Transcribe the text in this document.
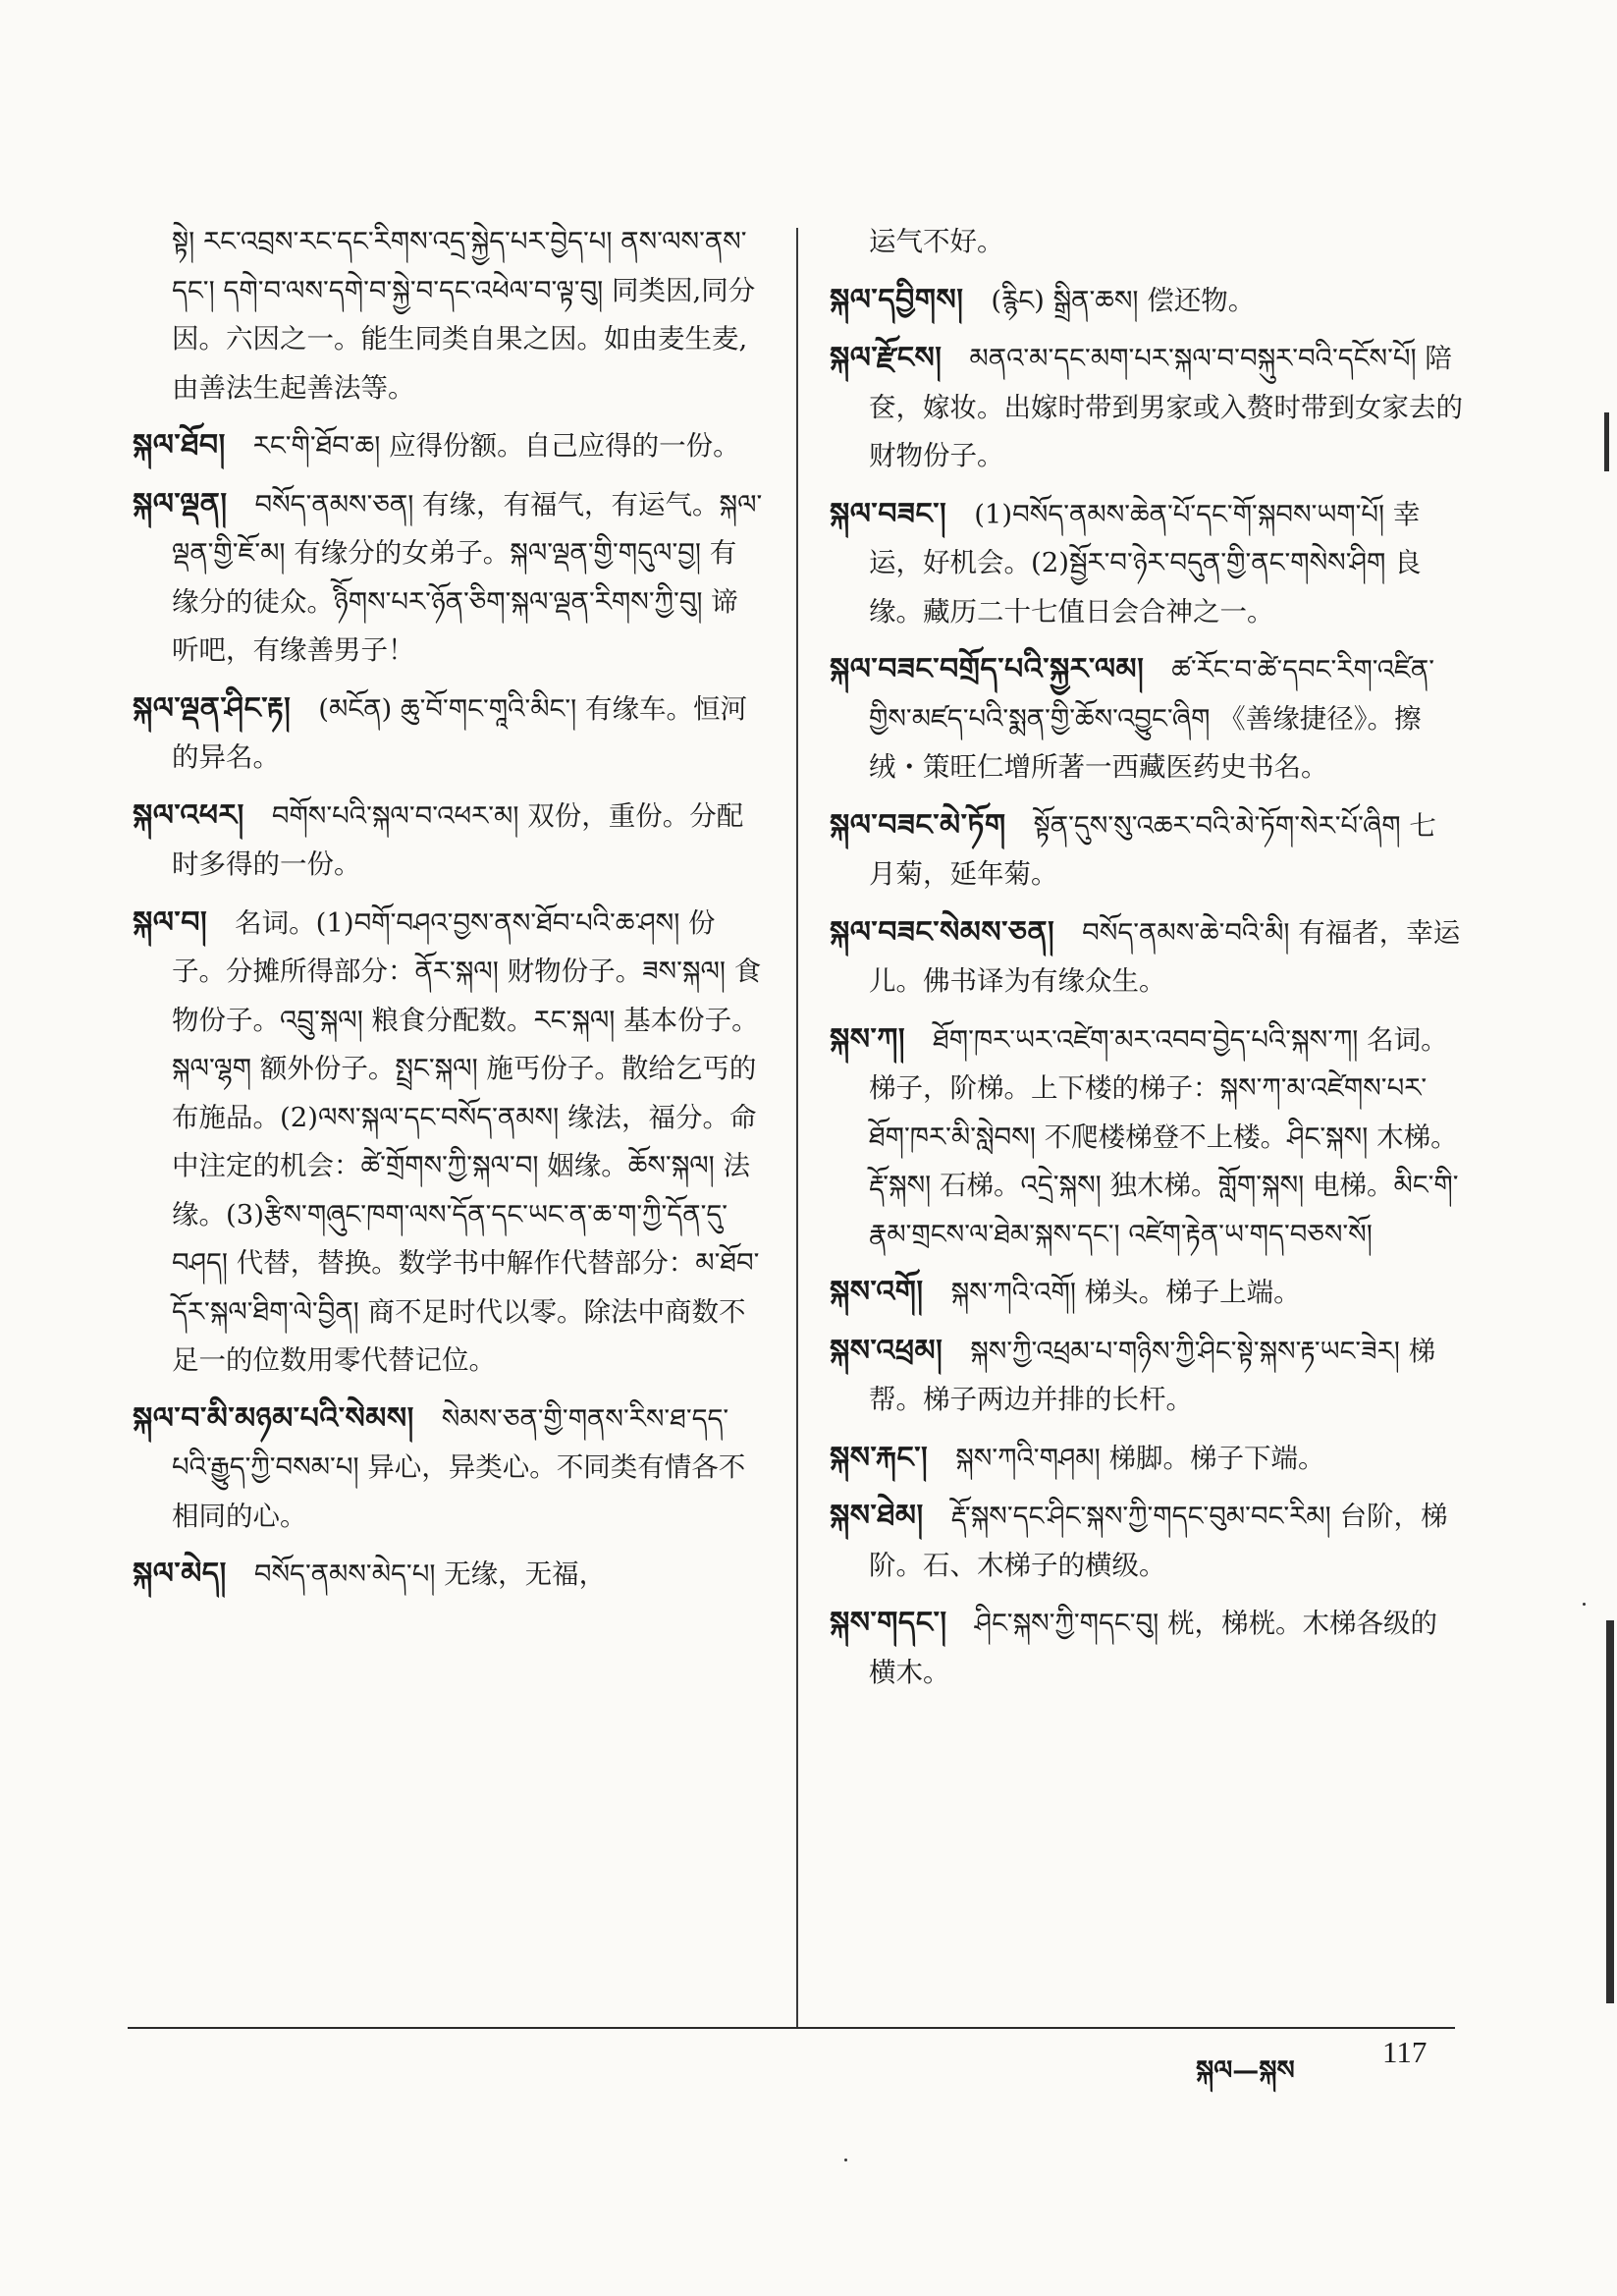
སྟེ། རང་འབྲས་རང་དང་རིགས་འདྲ་སྐྱེད་པར་བྱེད་པ། ནས་ལས་ནས་དང་། དགེ་བ་ལས་དགེ་བ་སྐྱེ་བ་དང་འཕེལ་བ་ལྟ་བུ། 同类因,同分因。六因之一。能生同类自果之因。如由麦生麦,由善法生起善法等。

སྐལ་ཐོབ། རང་གི་ཐོབ་ཆ། 应得份额。自己应得的一份。

སྐལ་ལྡན། བསོད་ནམས་ཅན། 有缘，有福气，有运气。སྐལ་ལྡན་གྱི་ཇོ་མ། 有缘分的女弟子。སྐལ་ལྡན་གྱི་གདུལ་བྱ། 有缘分的徒众。ཉིོགས་པར་ཉོན་ཅིག་སྐལ་ལྡན་རིགས་ཀྱི་བུ། 谛听吧，有缘善男子！

སྐལ་ལྡན་ཤིང་རྟ། (མངོན) ཆུ་བོ་གང་གཱའི་མིང་། 有缘车。恒河的异名。

སྐལ་འཕར། བགོས་པའི་སྐལ་བ་འཕར་མ། 双份，重份。分配时多得的一份。

སྐལ་བ། 名词。(1)བགོ་བཤའ་བྱས་ནས་ཐོབ་པའི་ཆ་ཤས། 份子。分摊所得部分：ནོར་སྐལ། 财物份子。ཟས་སྐལ། 食物份子。འབྲུ་སྐལ། 粮食分配数。རང་སྐལ། 基本份子。སྐལ་ལྷག 额外份子。སྤྲང་སྐལ། 施丐份子。散给乞丐的布施品。(2)ལས་སྐལ་དང་བསོད་ནམས། 缘法，福分。命中注定的机会：ཚེ་གྲོགས་ཀྱི་སྐལ་བ། 姻缘。ཆོས་སྐལ། 法缘。(3)རྩིས་གཞུང་ཁག་ལས་དོན་དང་ཡང་ན་ཆ་ག་ཀྱི་དོན་དུ་བཤད། 代替，替换。数学书中解作代替部分：མ་ཐོབ་དོར་སྐལ་ཐིག་ལེ་བྱིན། 商不足时代以零。除法中商数不足一的位数用零代替记位。

སྐལ་བ་མི་མཉམ་པའི་སེམས། སེམས་ཅན་གྱི་གནས་རིས་ཐ་དད་པའི་རྒྱུད་ཀྱི་བསམ་པ། 异心，异类心。不同类有情各不相同的心。

སྐལ་མེད། བསོད་ནམས་མེད་པ། 无缘，无福，

运气不好。

སྐལ་དབྱིགས། (རྙིང) སྒྲིན་ཆས། 偿还物。

སྐལ་རྫོངས། མནའ་མ་དང་མག་པར་སྐལ་བ་བསྐུར་བའི་དངོས་པོ། 陪奁，嫁妆。出嫁时带到男家或入赘时带到女家去的财物份子。

སྐལ་བཟང་། (1)བསོད་ནམས་ཆེན་པོ་དང་གོ་སྐབས་ཡག་པོ། 幸运，好机会。(2)སྦྱོར་བ་ཉེར་བདུན་གྱི་ནང་གསེས་ཤིག 良缘。藏历二十七值日会合神之一。

སྐལ་བཟང་བགྲོད་པའི་སྐྱར་ལམ། ཚ་རོང་བ་ཚེ་དབང་རིག་འཛིན་གྱིས་མཛད་པའི་སྨན་གྱི་ཆོས་འབྱུང་ཞིག 《善缘捷径》。擦绒・策旺仁增所著一西藏医药史书名。

སྐལ་བཟང་མེ་ཏོག སྟོན་དུས་སུ་འཆར་བའི་མེ་ཏོག་སེར་པོ་ཞིག 七月菊，延年菊。

སྐལ་བཟང་སེམས་ཅན། བསོད་ནམས་ཆེ་བའི་མི། 有福者，幸运儿。佛书译为有缘众生。

སྐས་ཀ། ཐོག་ཁར་ཡར་འཛེག་མར་འབབ་བྱེད་པའི་སྐས་ཀ། 名词。梯子，阶梯。上下楼的梯子：སྐས་ཀ་མ་འཛེགས་པར་ཐོག་ཁར་མི་སླེབས། 不爬楼梯登不上楼。ཤིང་སྐས། 木梯。རྡོ་སྐས། 石梯。འདྲེ་སྐས། 独木梯。གློག་སྐས། 电梯。མིང་གི་རྣམ་གྲངས་ལ་ཐེམ་སྐས་དང་། འཛེག་རྟེན་ཡ་གད་བཅས་སོ།

སྐས་འགོ། སྐས་ཀའི་འགོ། 梯头。梯子上端。

སྐས་འཕྲམ། སྐས་ཀྱི་འཕྲམ་པ་གཉིས་ཀྱི་ཤིང་སྟེ་སྐས་རྟ་ཡང་ཟེར། 梯帮。梯子两边并排的长杆。

སྐས་རྐང་། སྐས་ཀའི་གཤམ། 梯脚。梯子下端。

སྐས་ཐེམ། རྡོ་སྐས་དང་ཤིང་སྐས་ཀྱི་གདང་བུམ་བང་རིམ། 台阶，梯阶。石、木梯子的横级。

སྐས་གདང་། ཤིང་སྐས་ཀྱི་གདང་བུ། 桄，梯桄。木梯各级的横木。

སྐལ—སྐས
117
